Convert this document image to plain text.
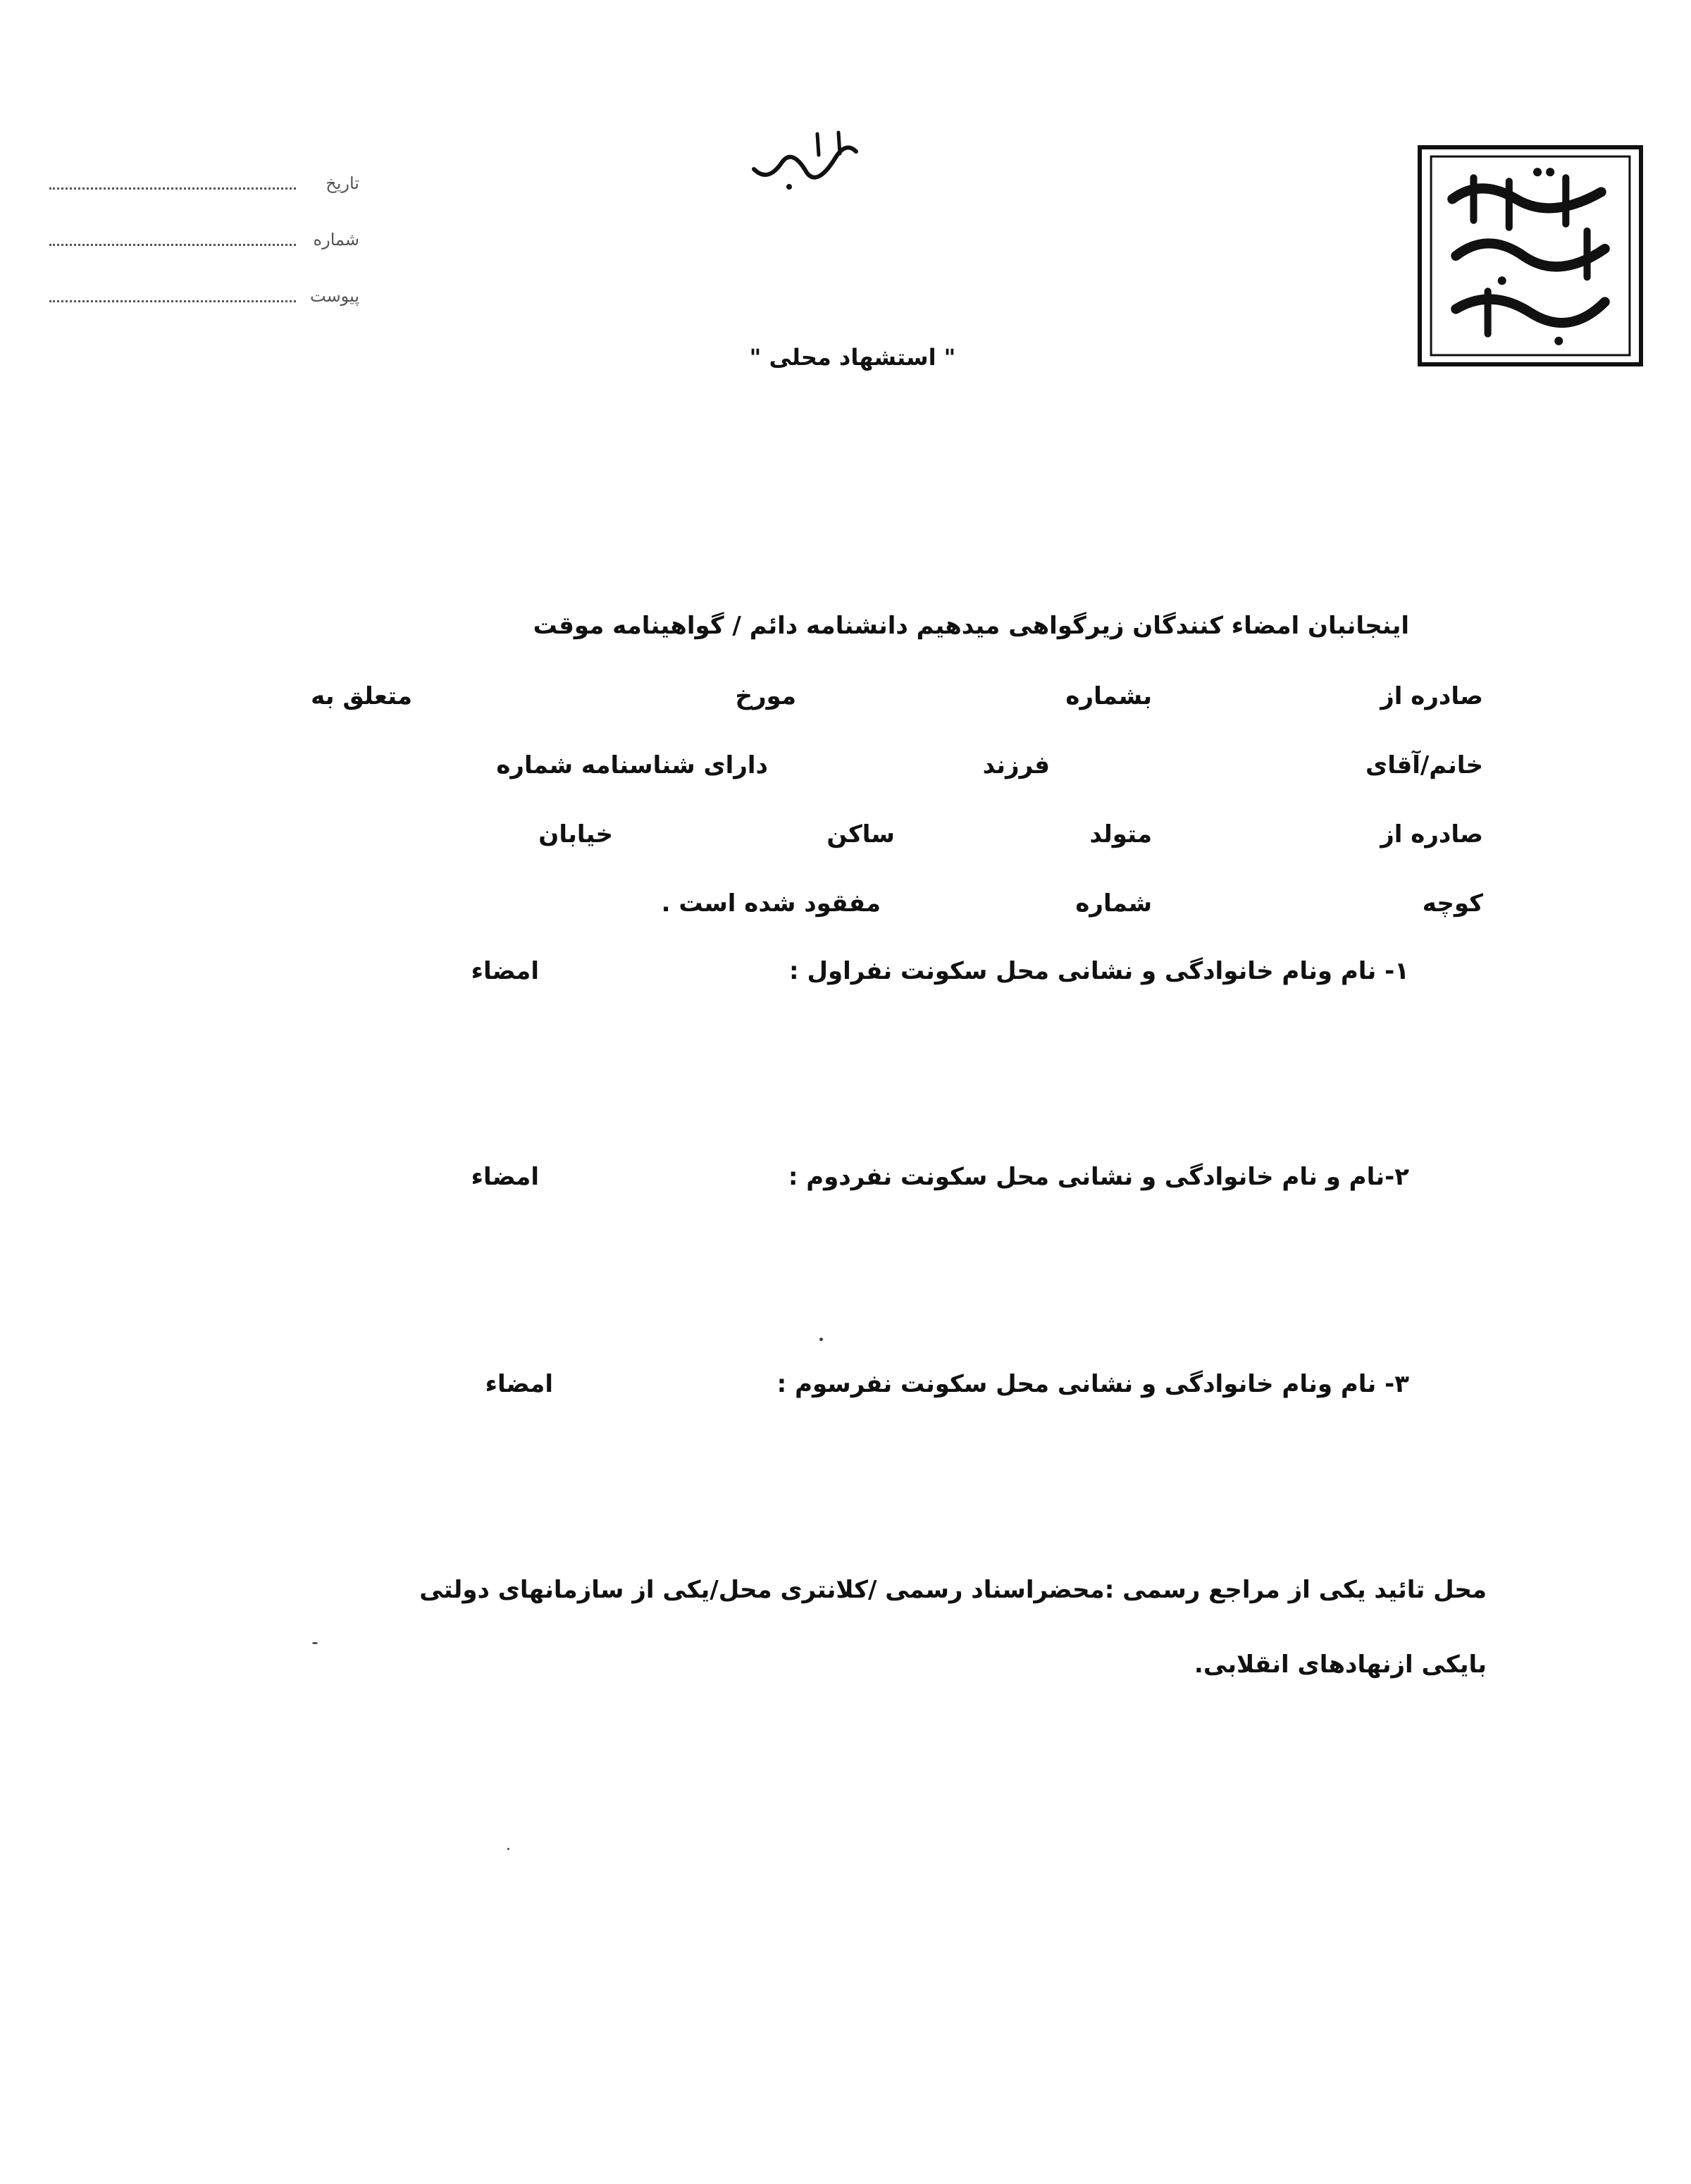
تاریخ
شماره
پیوست
" استشهاد محلی "
اینجانبان امضاء کنندگان زیرگواهی میدهیم دانشنامه دائم / گواهینامه موقت
صادره از
بشماره
مورخ
متعلق به
خانم/آقای
فرزند
دارای شناسنامه شماره
صادره از
متولد
ساکن
خیابان
کوچه
شماره
مفقود شده است .
۱- نام ونام خانوادگی و نشانی محل سکونت نفراول :
امضاء
۲-نام و نام خانوادگی و نشانی محل سکونت نفردوم :
امضاء
۳- نام ونام خانوادگی و نشانی محل سکونت نفرسوم :
امضاء
محل تائید یکی از مراجع رسمی :محضراسناد رسمی /کلانتری محل/یکی از سازمانهای دولتی
بایکی ازنهادهای انقلابی.
